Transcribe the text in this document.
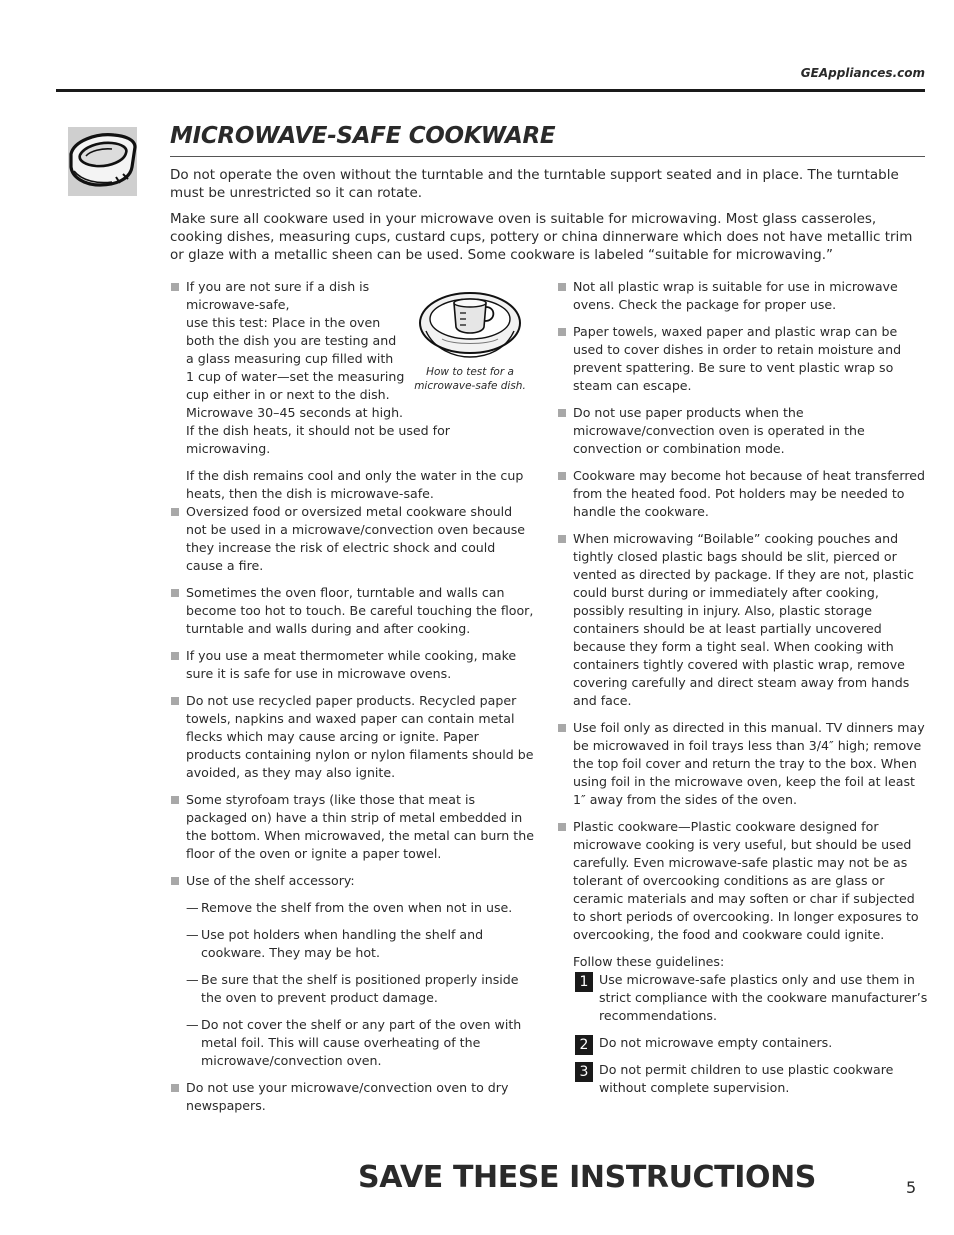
GEAppliances.com
MICROWAVE-SAFE COOKWARE

Do not operate the oven without the turntable and the turntable support seated and in place. The turntable must be unrestricted so it can rotate.

Make sure all cookware used in your microwave oven is suitable for microwaving. Most glass casseroles, cooking dishes, measuring cups, custard cups, pottery or china dinnerware which does not have metallic trim or glaze with a metallic sheen can be used. Some cookware is labeled “suitable for microwaving.”

If you are not sure if a dish is
microwave-safe,
use this test: Place in the oven
both the dish you are testing and
a glass measuring cup filled with
1 cup of water—set the measuring
cup either in or next to the dish.
Microwave 30–45 seconds at high.
If the dish heats, it should not be used for microwaving.

If the dish remains cool and only the water in the cup heats, then the dish is microwave-safe.

Oversized food or oversized metal cookware should not be used in a microwave/convection oven because they increase the risk of electric shock and could cause a fire.

Sometimes the oven floor, turntable and walls can become too hot to touch. Be careful touching the floor, turntable and walls during and after cooking.

If you use a meat thermometer while cooking, make sure it is safe for use in microwave ovens.

Do not use recycled paper products. Recycled paper towels, napkins and waxed paper can contain metal flecks which may cause arcing or ignite. Paper products containing nylon or nylon filaments should be avoided, as they may also ignite.

Some styrofoam trays (like those that meat is packaged on) have a thin strip of metal embedded in the bottom. When microwaved, the metal can burn the floor of the oven or ignite a paper towel.

Use of the shelf accessory:

— Remove the shelf from the oven when not in use.

— Use pot holders when handling the shelf and cookware. They may be hot.

— Be sure that the shelf is positioned properly inside the oven to prevent product damage.

— Do not cover the shelf or any part of the oven with metal foil. This will cause overheating of the microwave/convection oven.

Do not use your microwave/convection oven to dry newspapers.

How to test for a
microwave-safe dish.

Not all plastic wrap is suitable for use in microwave ovens. Check the package for proper use.

Paper towels, waxed paper and plastic wrap can be used to cover dishes in order to retain moisture and prevent spattering. Be sure to vent plastic wrap so steam can escape.

Do not use paper products when the microwave/convection oven is operated in the convection or combination mode.

Cookware may become hot because of heat transferred from the heated food. Pot holders may be needed to handle the cookware.

When microwaving “Boilable” cooking pouches and tightly closed plastic bags should be slit, pierced or vented as directed by package. If they are not, plastic could burst during or immediately after cooking, possibly resulting in injury. Also, plastic storage containers should be at least partially uncovered because they form a tight seal. When cooking with containers tightly covered with plastic wrap, remove covering carefully and direct steam away from hands and face.

Use foil only as directed in this manual. TV dinners may be microwaved in foil trays less than 3/4″ high; remove the top foil cover and return the tray to the box. When using foil in the microwave oven, keep the foil at least 1″ away from the sides of the oven.

Plastic cookware—Plastic cookware designed for microwave cooking is very useful, but should be used carefully. Even microwave-safe plastic may not be as tolerant of overcooking conditions as are glass or ceramic materials and may soften or char if subjected to short periods of overcooking. In longer exposures to overcooking, the food and cookware could ignite.

Follow these guidelines:

1 Use microwave-safe plastics only and use them in strict compliance with the cookware manufacturer’s recommendations.

2 Do not microwave empty containers.

3 Do not permit children to use plastic cookware without complete supervision.

SAVE THESE INSTRUCTIONS	5
